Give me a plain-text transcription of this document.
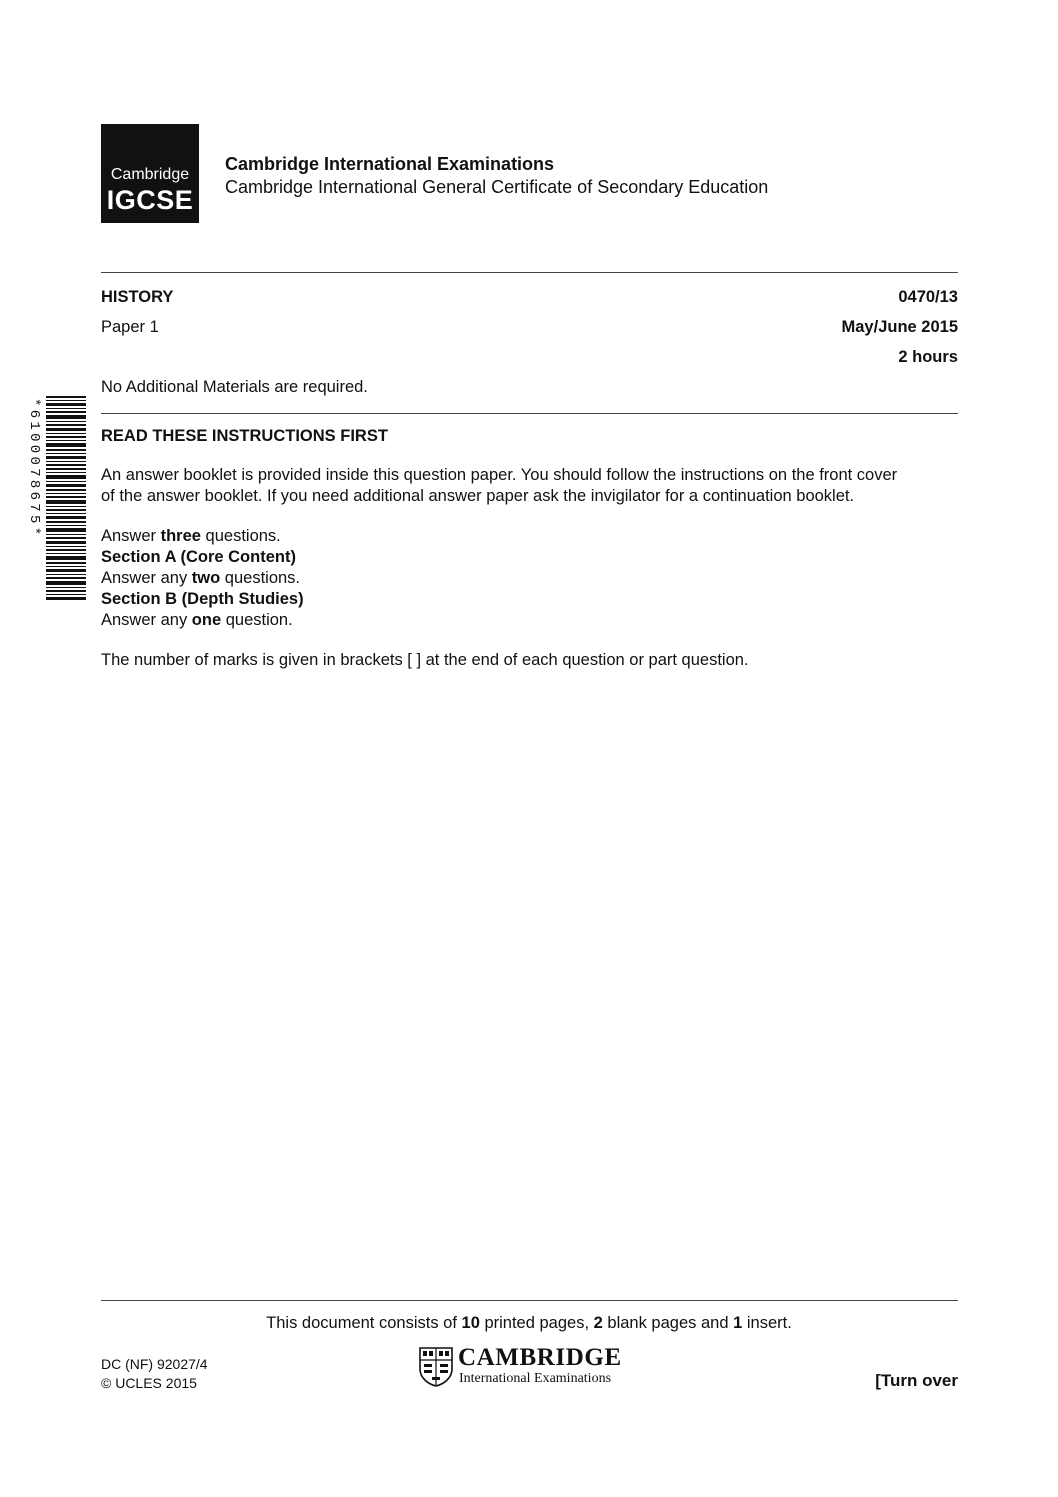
Cambridge
IGCSE
Cambridge International Examinations
Cambridge International General Certificate of Secondary Education
HISTORY	0470/13
Paper 1	May/June 2015
2 hours
No Additional Materials are required.
*6100078675*	READ THESE INSTRUCTIONS FIRST
An answer booklet is provided inside this question paper. You should follow the instructions on the front cover
of the answer booklet. If you need additional answer paper ask the invigilator for a continuation booklet.
Answer three questions.
Section A (Core Content)
Answer any two questions.
Section B (Depth Studies)
Answer any one question.
The number of marks is given in brackets [ ] at the end of each question or part question.
This document consists of 10 printed pages, 2 blank pages and 1 insert.
DC (NF) 92027/4
© UCLES 2015
CAMBRIDGE
International Examinations	[Turn over
